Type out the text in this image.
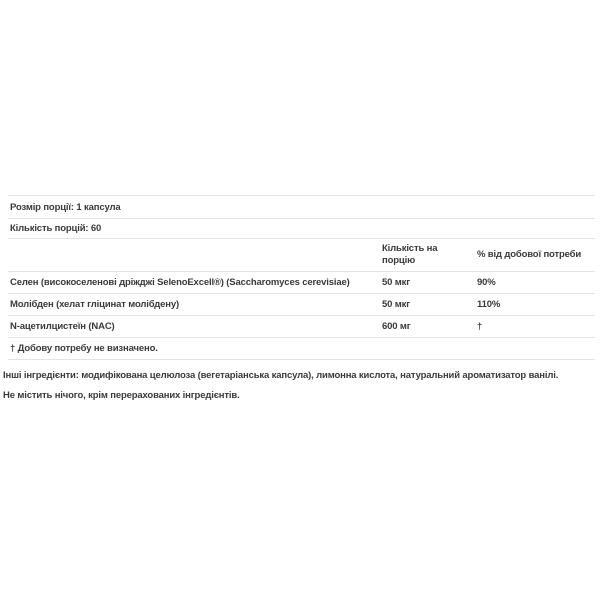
Розмір порції: 1 капсула		
Кількість порцій: 60		
	Кількість на порцію	% від добової потреби
Селен (високоселенові дріжджі SelenoExcell®) (Saccharomyces cerevisiae)	50 мкг	90%
Молібден (хелат гліцинат молібдену)	50 мкг	110%
N-ацетилцистеїн (NAC)	600 мг	†
† Добову потребу не визначено.		

Інші інгредієнти: модифікована целюлоза (вегетаріанська капсула), лимонна кислота, натуральний ароматизатор ванілі.

Не містить нічого, крім перерахованих інгредієнтів.
